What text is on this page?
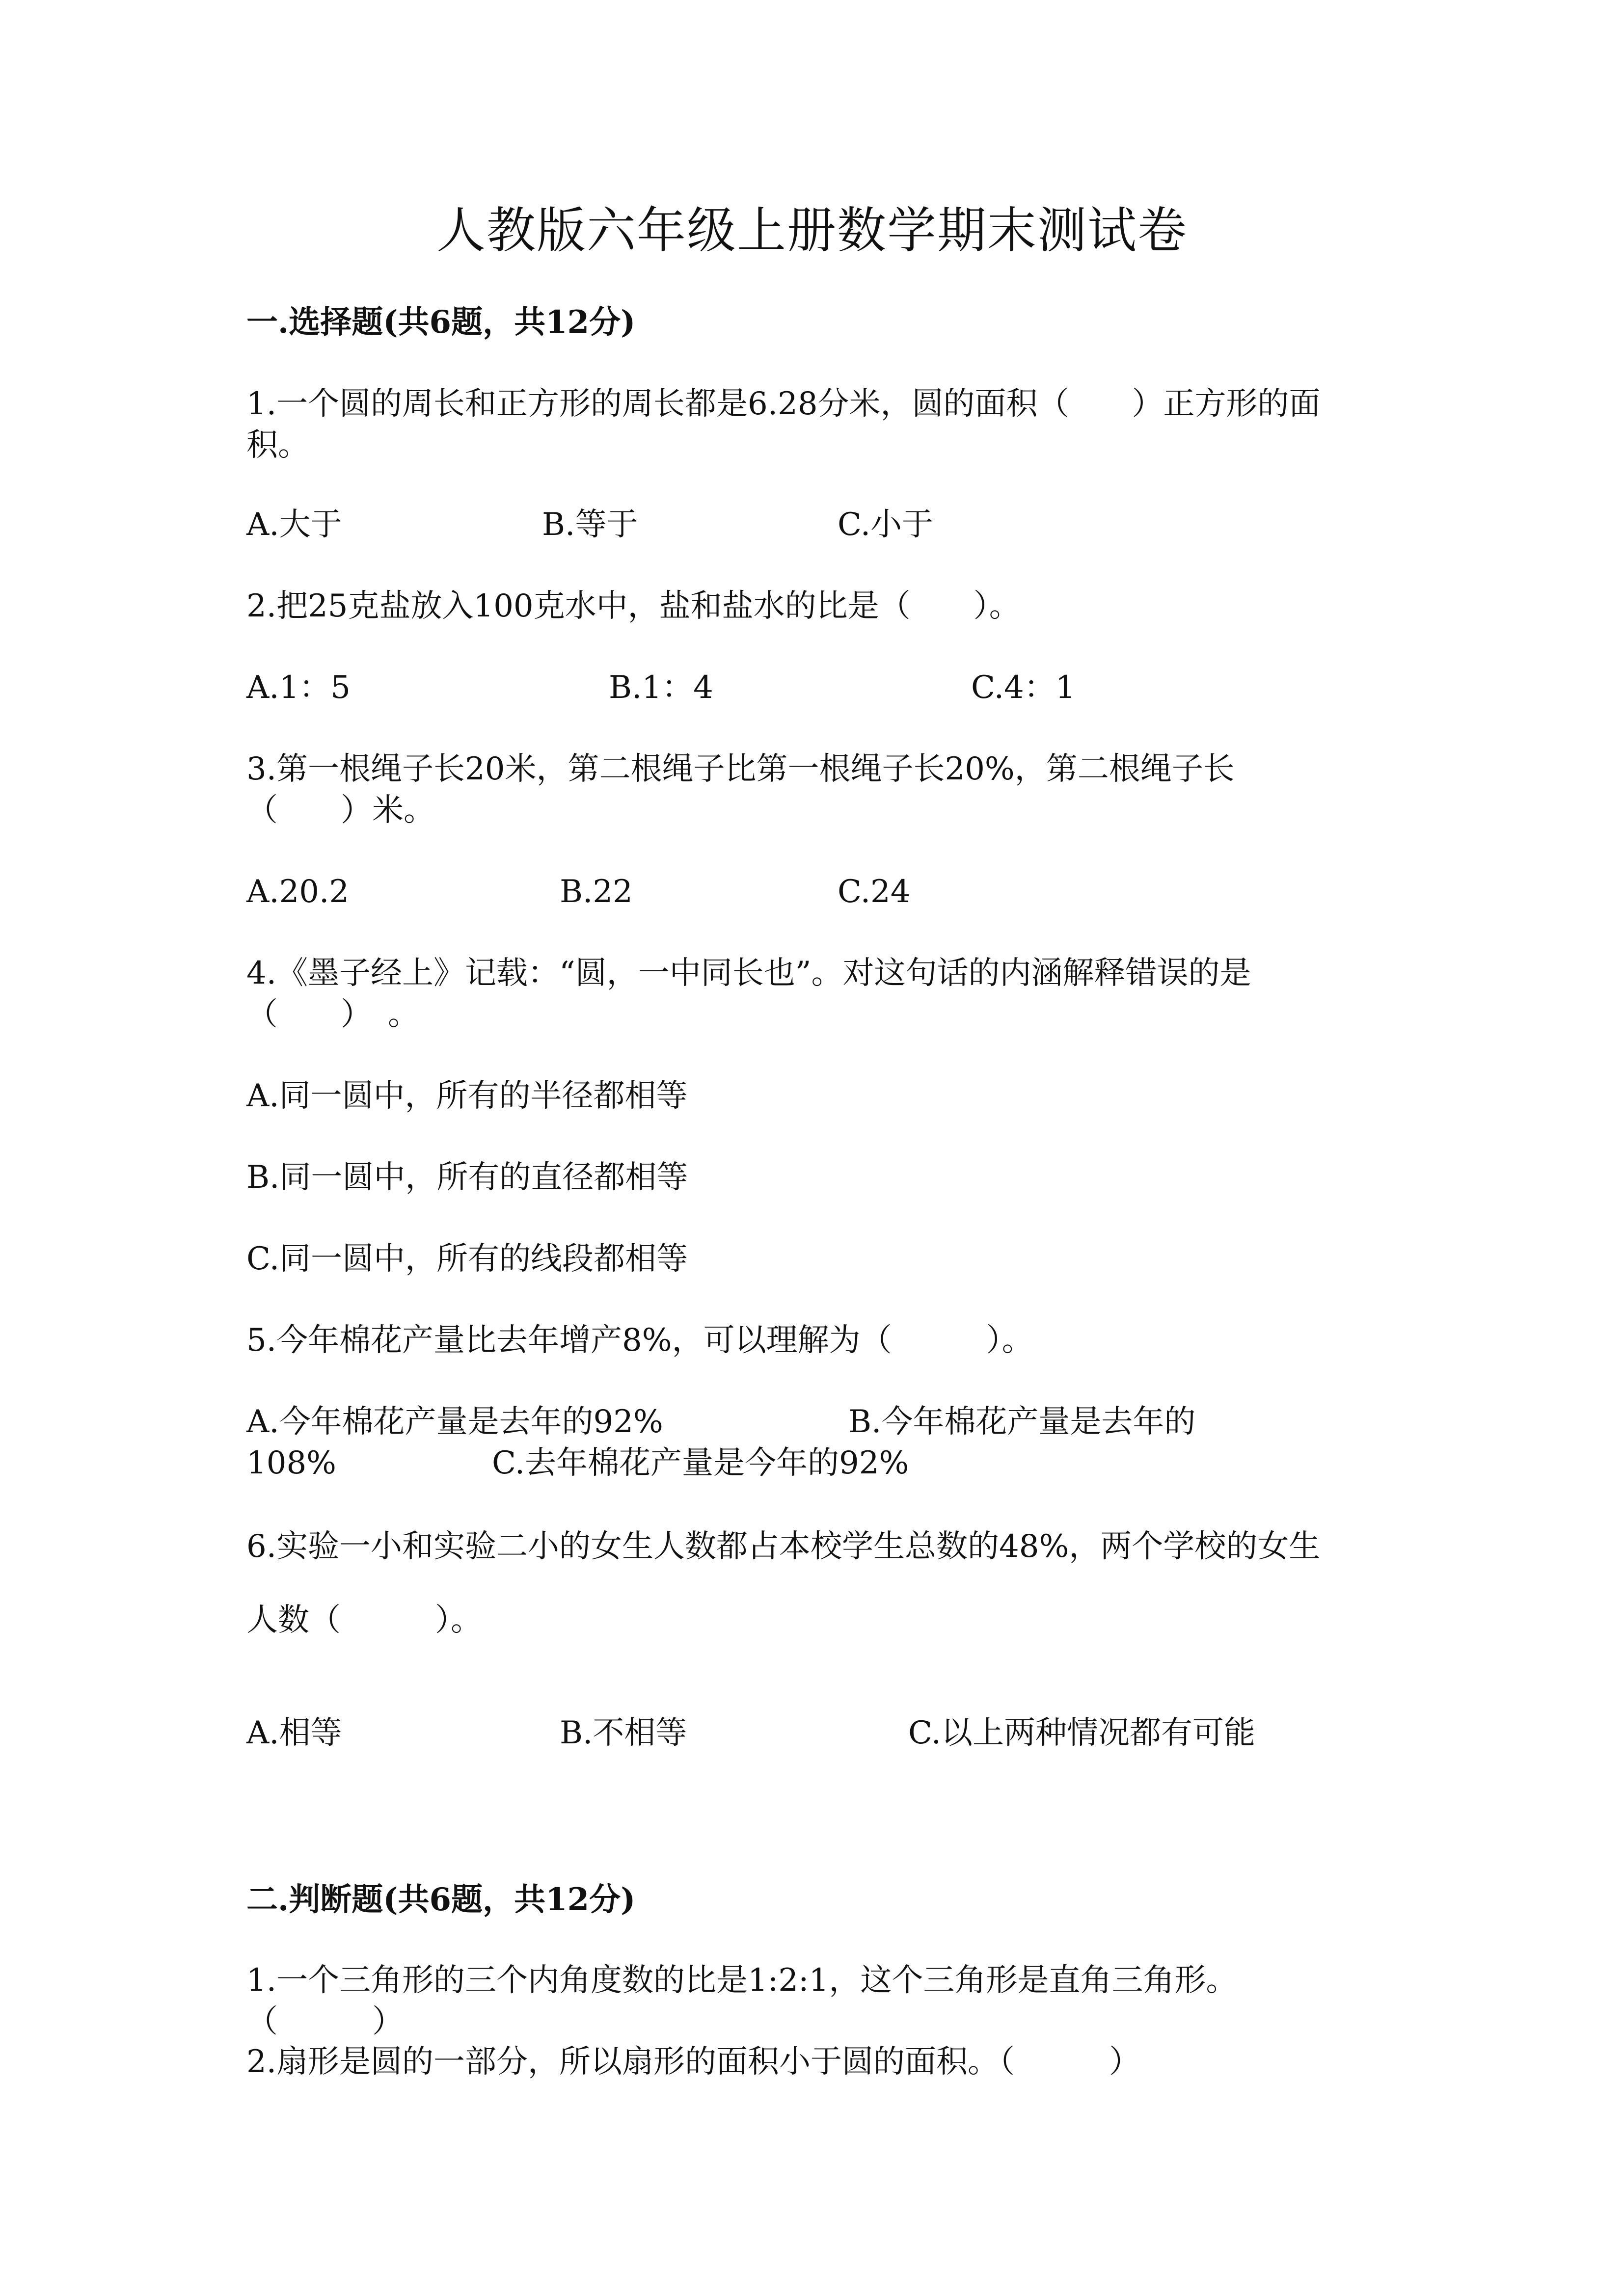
人教版六年级上册数学期末测试卷
一.选择题(共6题，共12分)
1.一个圆的周长和正方形的周长都是6.28分米，圆的面积（　　）正方形的面
积。
A.大于	B.等于	C.小于
2.把25克盐放入100克水中，盐和盐水的比是（　　）。
A.1：5	B.1：4	C.4：1
3.第一根绳子长20米，第二根绳子比第一根绳子长20%，第二根绳子长
（　　）米。
A.20.2	B.22	C.24
4.《墨子经上》记载：“圆，一中同长也”。对这句话的内涵解释错误的是
（　　）　。
A.同一圆中，所有的半径都相等
B.同一圆中，所有的直径都相等
C.同一圆中，所有的线段都相等
5.今年棉花产量比去年增产8%，可以理解为（　　　）。
A.今年棉花产量是去年的92%	B.今年棉花产量是去年的
108%	C.去年棉花产量是今年的92%
6.实验一小和实验二小的女生人数都占本校学生总数的48%，两个学校的女生
人数（　　　）。
A.相等	B.不相等	C.以上两种情况都有可能
二.判断题(共6题，共12分)
1.一个三角形的三个内角度数的比是1:2:1，这个三角形是直角三角形。
（　　　）
2.扇形是圆的一部分，所以扇形的面积小于圆的面积。（　　　）
